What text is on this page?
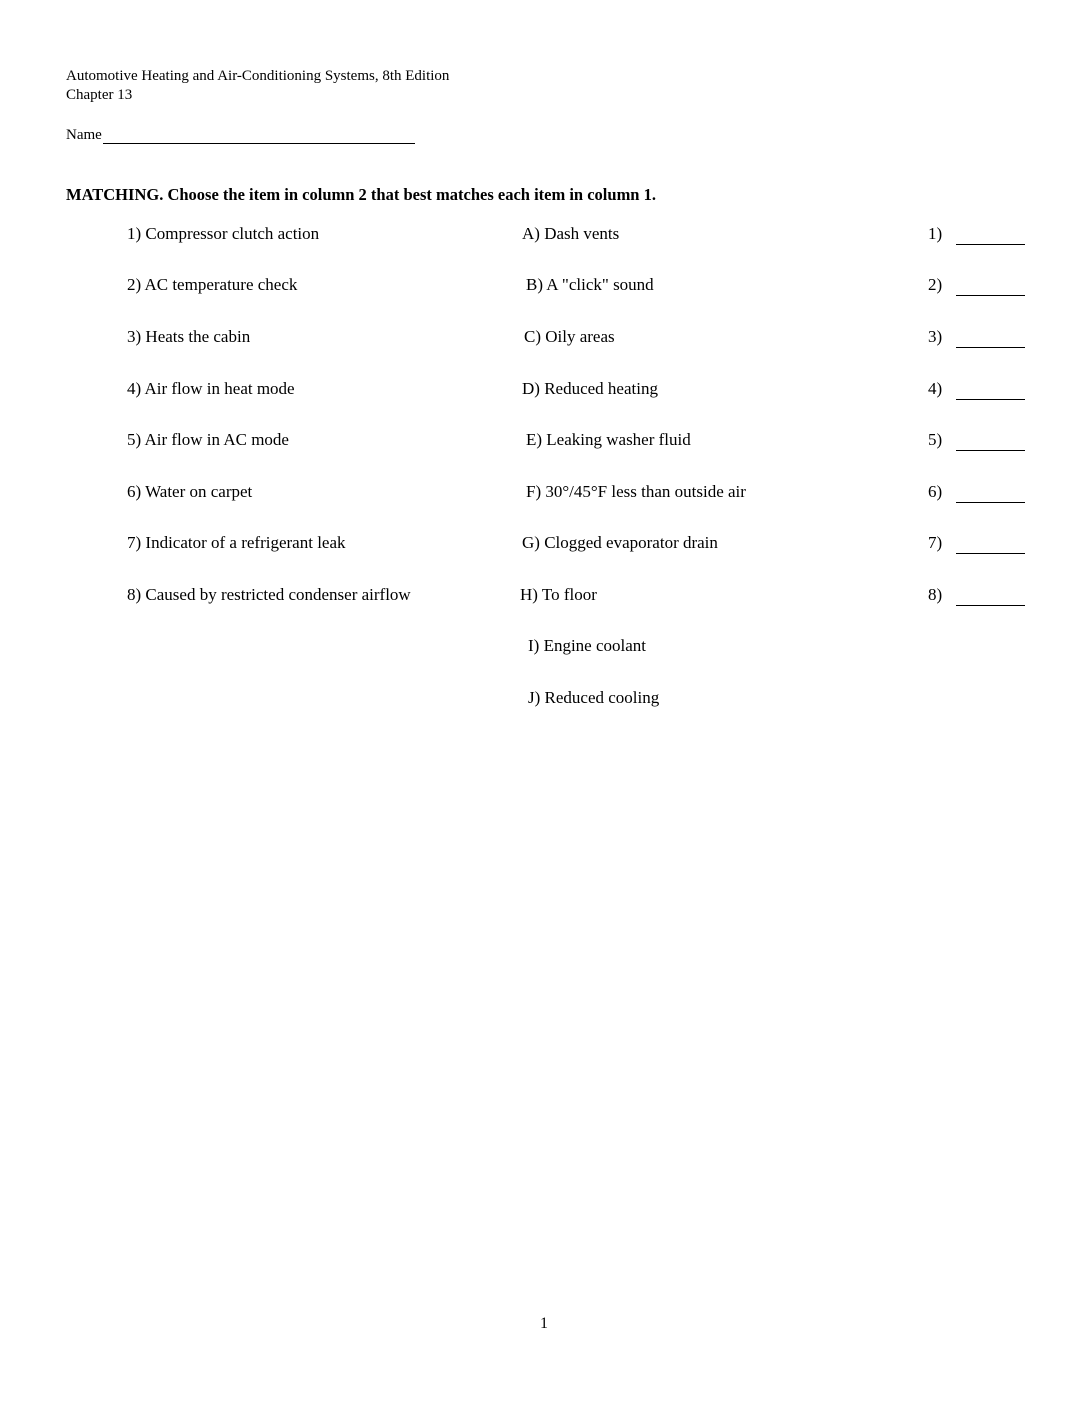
Automotive Heating and Air-Conditioning Systems, 8th Edition
Chapter 13
Name
MATCHING. Choose the item in column 2 that best matches each item in column 1.
1) Compressor clutch action	A) Dash vents	1)
2) AC temperature check	B) A "click" sound	2)
3) Heats the cabin	C) Oily areas	3)
4) Air flow in heat mode	D) Reduced heating	4)
5) Air flow in AC mode	E) Leaking washer fluid	5)
6) Water on carpet	F) 30°/45°F less than outside air	6)
7) Indicator of a refrigerant leak	G) Clogged evaporator drain	7)
8) Caused by restricted condenser airflow	H) To floor	8)
I) Engine coolant
J) Reduced cooling
1
